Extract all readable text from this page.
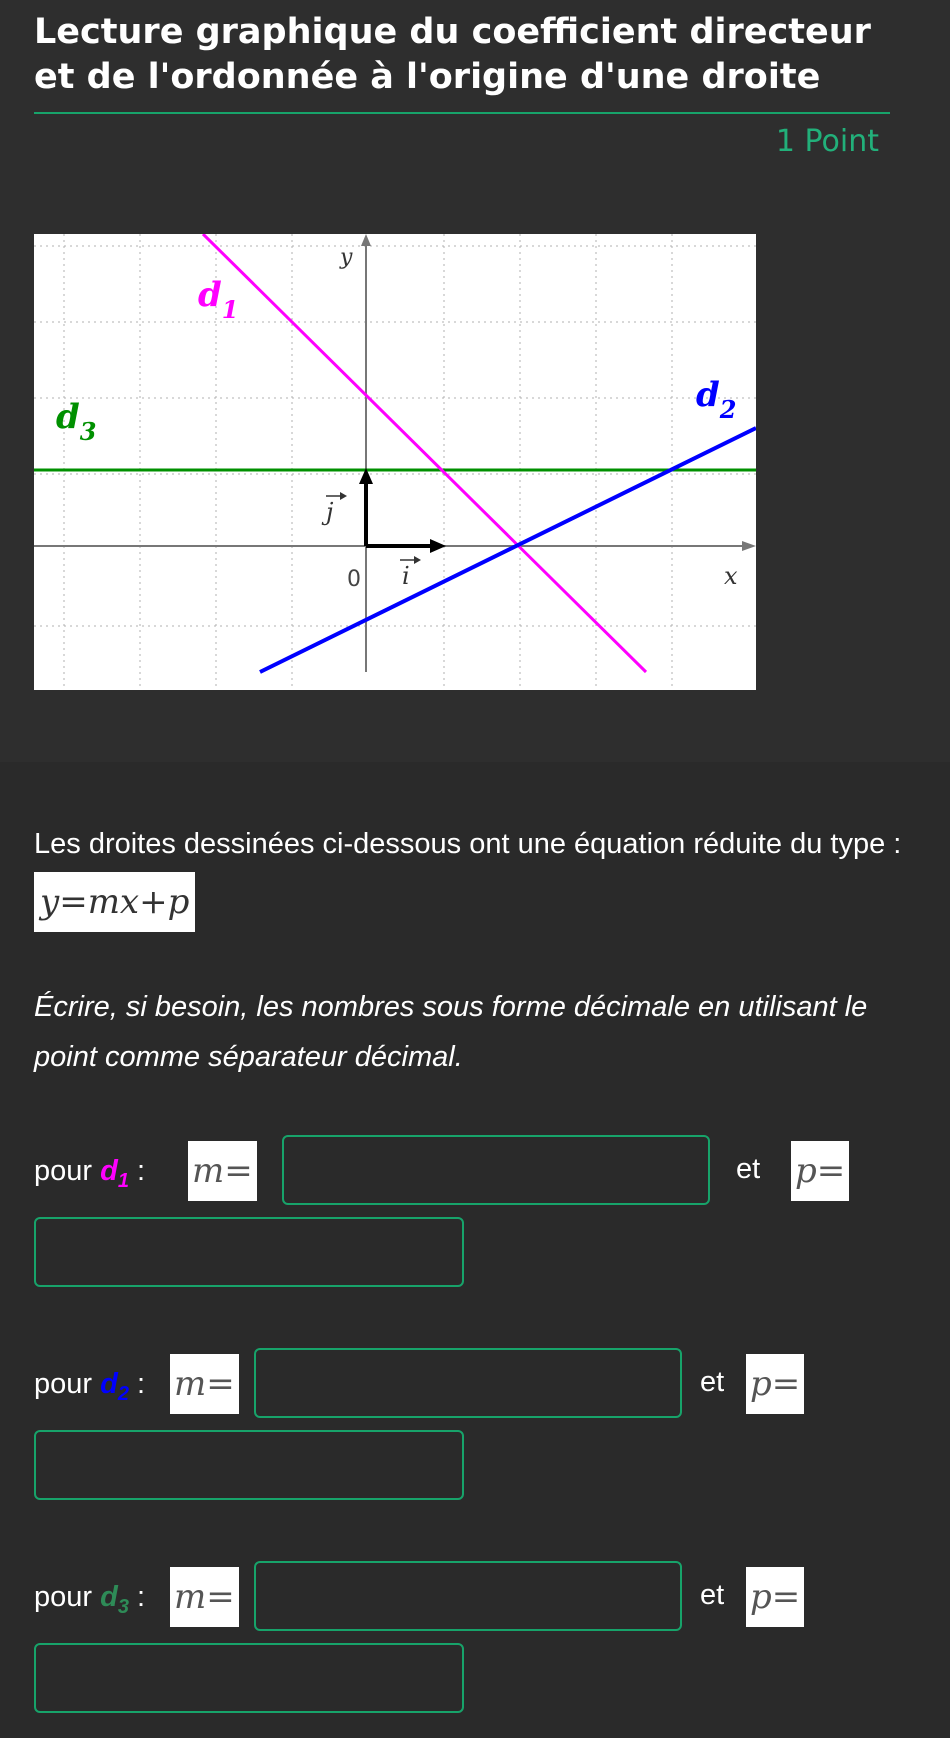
Lecture graphique du coefficient directeur
et de l'ordonnée à l'origine d'une droite
1 Point
$d_1$
$d_2$
$d_3$
y
x
0 i
j
Les droites dessinées ci-dessous ont une équation réduite du type : y=mx+p
Écrire, si besoin, les nombres sous forme décimale en utilisant le point comme séparateur décimal.
pour $d_1$ : m=	et p=
pour $d_2$ : m=	et p=
pour $d_3$ : m=	et p=
